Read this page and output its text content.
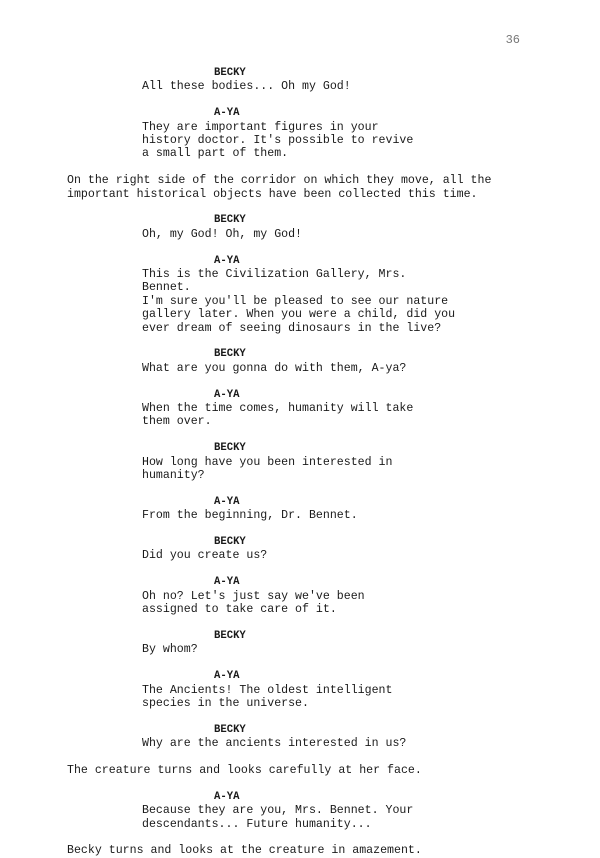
36
BECKY
All these bodies... Oh my God!
A-YA
They are important figures in your
history doctor. It's possible to revive
a small part of them.
On the right side of the corridor on which they move, all the
important historical objects have been collected this time.
BECKY
Oh, my God! Oh, my God!
A-YA
This is the Civilization Gallery, Mrs. Bennet.
I'm sure you'll be pleased to see our nature
gallery later. When you were a child, did you
ever dream of seeing dinosaurs in the live?
BECKY
What are you gonna do with them, A-ya?
A-YA
When the time comes, humanity will take
them over.
BECKY
How long have you been interested in humanity?
A-YA
From the beginning, Dr. Bennet.
BECKY
Did you create us?
A-YA
Oh no? Let's just say we've been
assigned to take care of it.
BECKY
By whom?
A-YA
The Ancients! The oldest intelligent
species in the universe.
BECKY
Why are the ancients interested in us?
The creature turns and looks carefully at her face.
A-YA
Because they are you, Mrs. Bennet. Your
descendants... Future humanity...
Becky turns and looks at the creature in amazement.
